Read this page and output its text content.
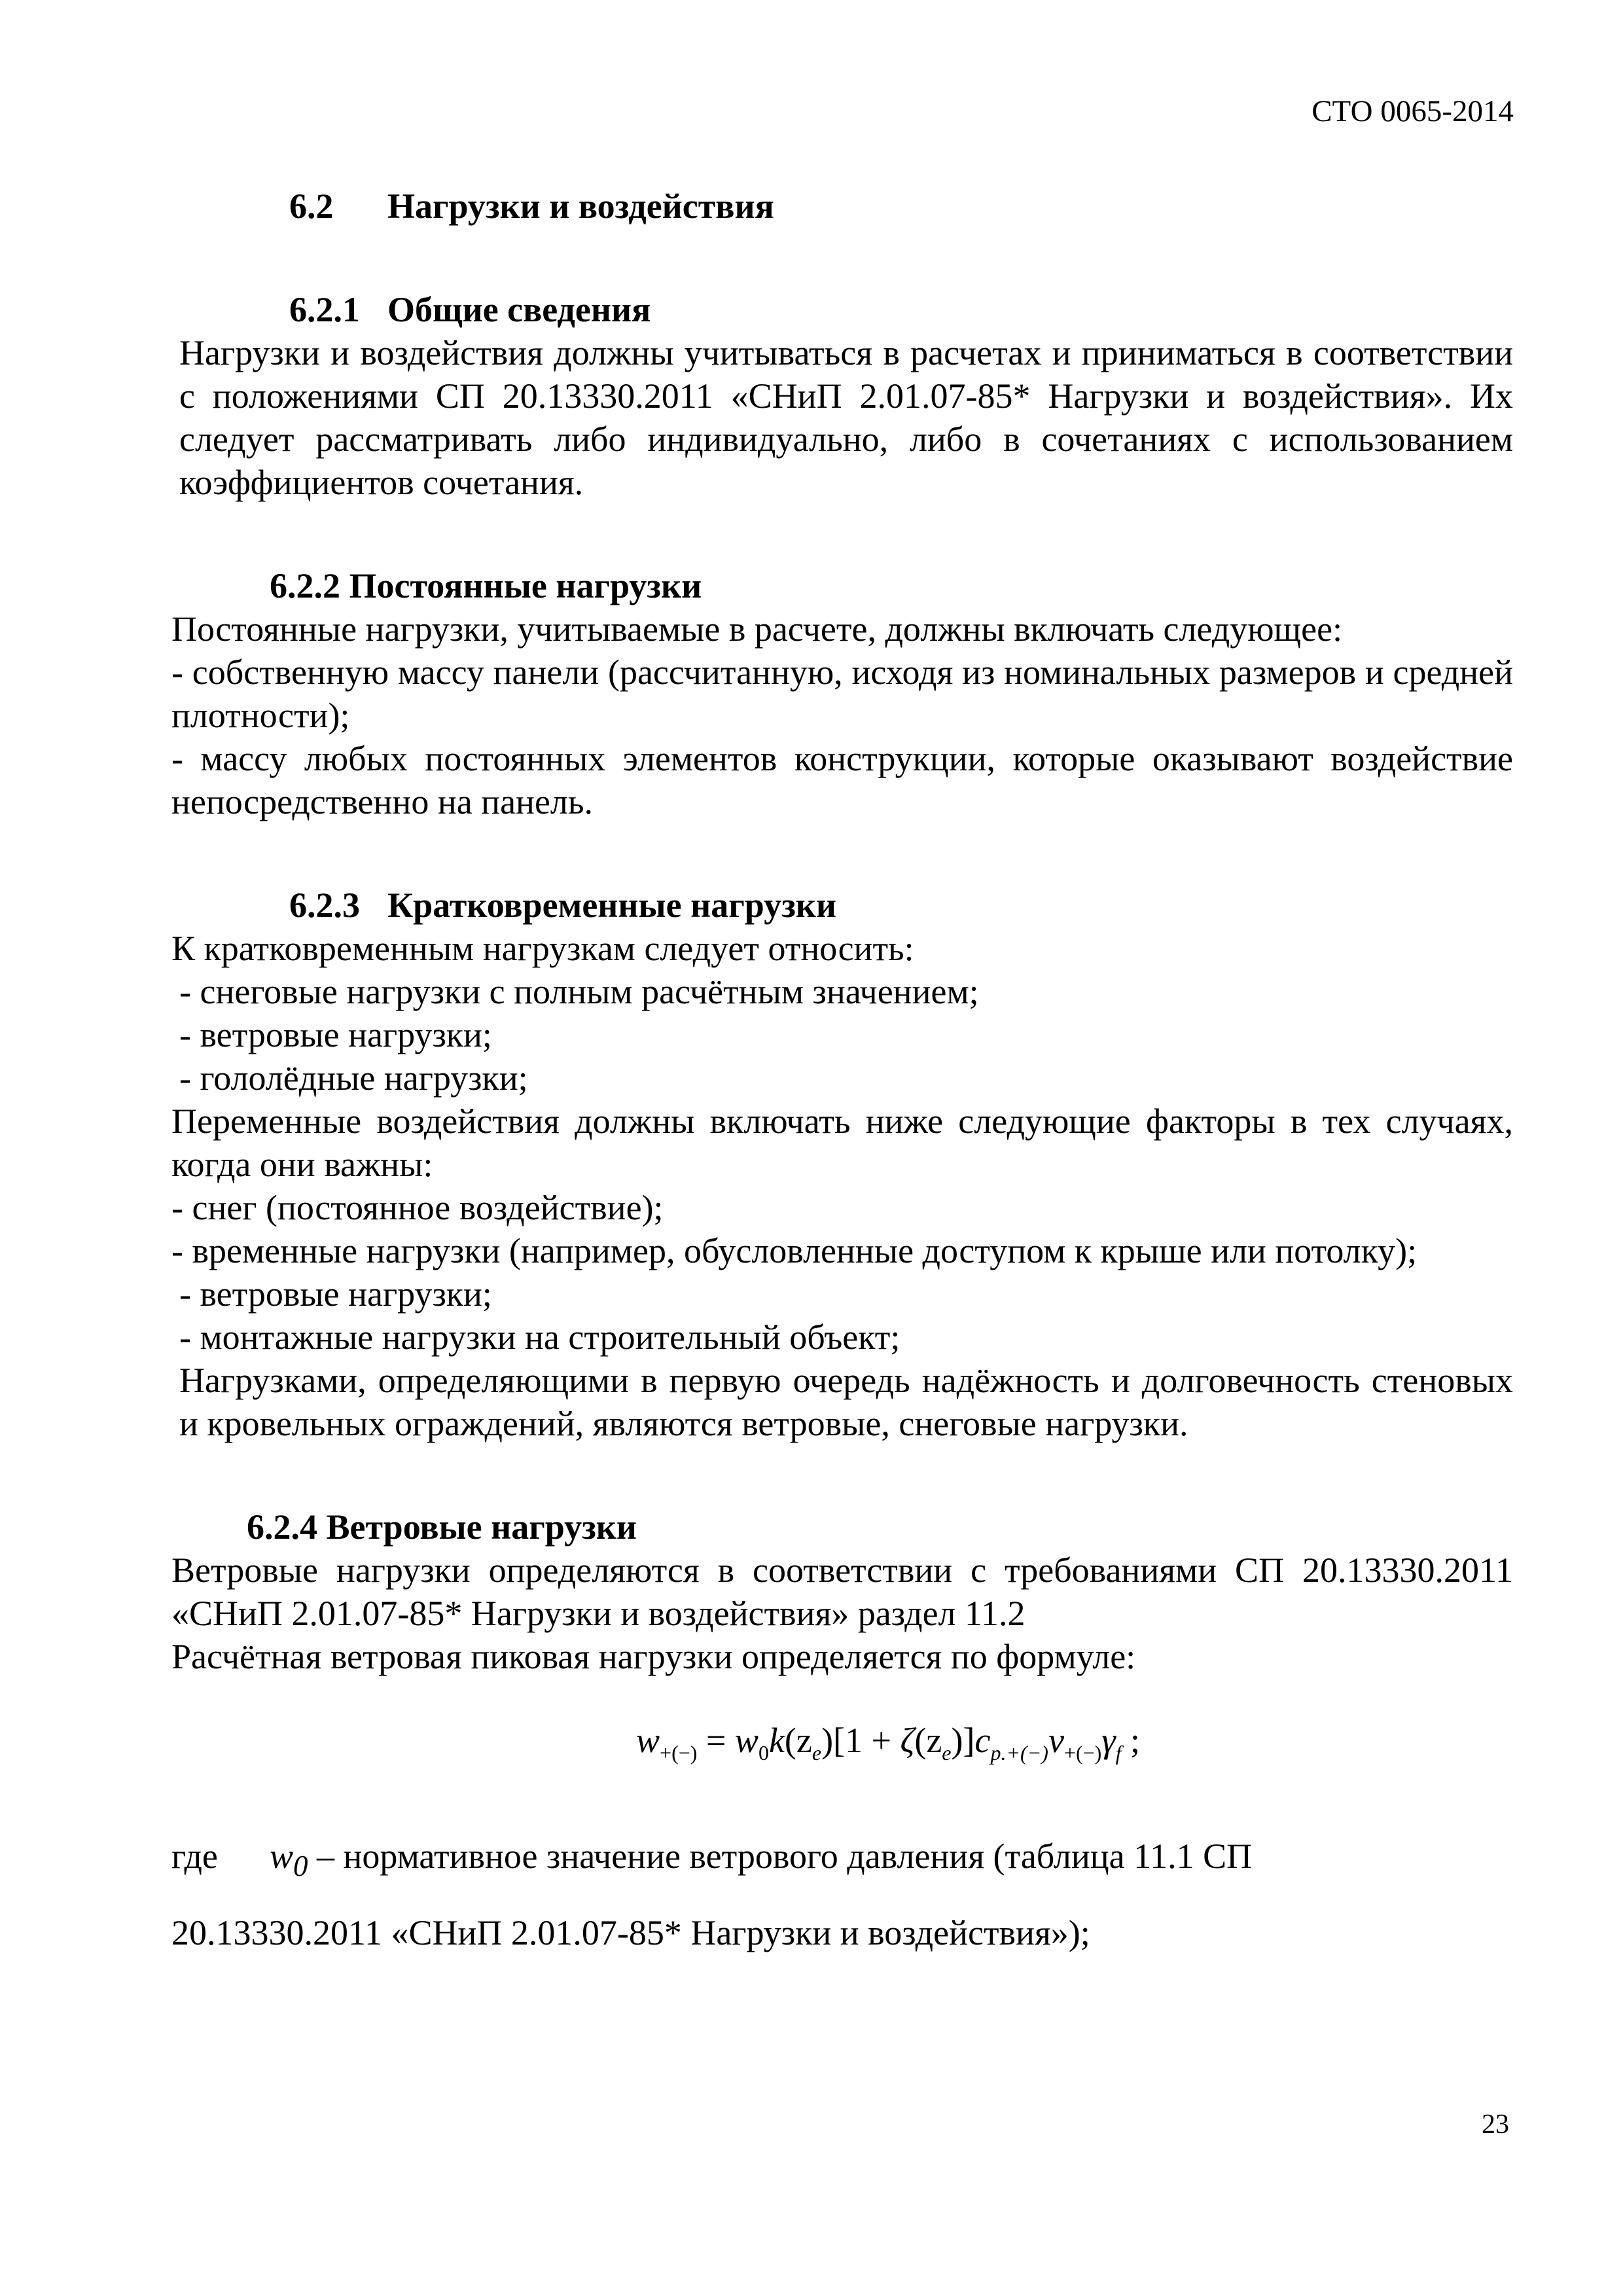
СТО 0065-2014

6.2 Нагрузки и воздействия

6.2.1 Общие сведения

Нагрузки и воздействия должны учитываться в расчетах и приниматься в соответствии с положениями СП 20.13330.2011 «СНиП 2.01.07-85* Нагрузки и воздействия». Их следует рассматривать либо индивидуально, либо в сочетаниях с использованием коэффициентов сочетания.

6.2.2 Постоянные нагрузки

Постоянные нагрузки, учитываемые в расчете, должны включать следующее:

- собственную массу панели (рассчитанную, исходя из номинальных размеров и средней плотности);

- массу любых постоянных элементов конструкции, которые оказывают воздействие непосредственно на панель.

6.2.3 Кратковременные нагрузки

К кратковременным нагрузкам следует относить:

- снеговые нагрузки с полным расчётным значением;

- ветровые нагрузки;

- гололёдные нагрузки;

Переменные воздействия должны включать ниже следующие факторы в тех случаях, когда они важны:

- снег (постоянное воздействие);

- временные нагрузки (например, обусловленные доступом к крыше или потолку);

- ветровые нагрузки;

- монтажные нагрузки на строительный объект;

Нагрузками, определяющими в первую очередь надёжность и долговечность стеновых и кровельных ограждений, являются ветровые, снеговые нагрузки.

6.2.4 Ветровые нагрузки

Ветровые нагрузки определяются в соответствии с требованиями СП 20.13330.2011 «СНиП 2.01.07-85* Нагрузки и воздействия» раздел 11.2

Расчётная ветровая пиковая нагрузки определяется по формуле:

$w_{+(-)} = w_0k(z_e)[1 + \zeta(z_e)]c_{p.+(-)}\nu_{+(-)}\gamma_f$ ;

где $w_0$ – нормативное значение ветрового давления (таблица 11.1 СП

20.13330.2011 «СНиП 2.01.07-85* Нагрузки и воздействия»);

23
